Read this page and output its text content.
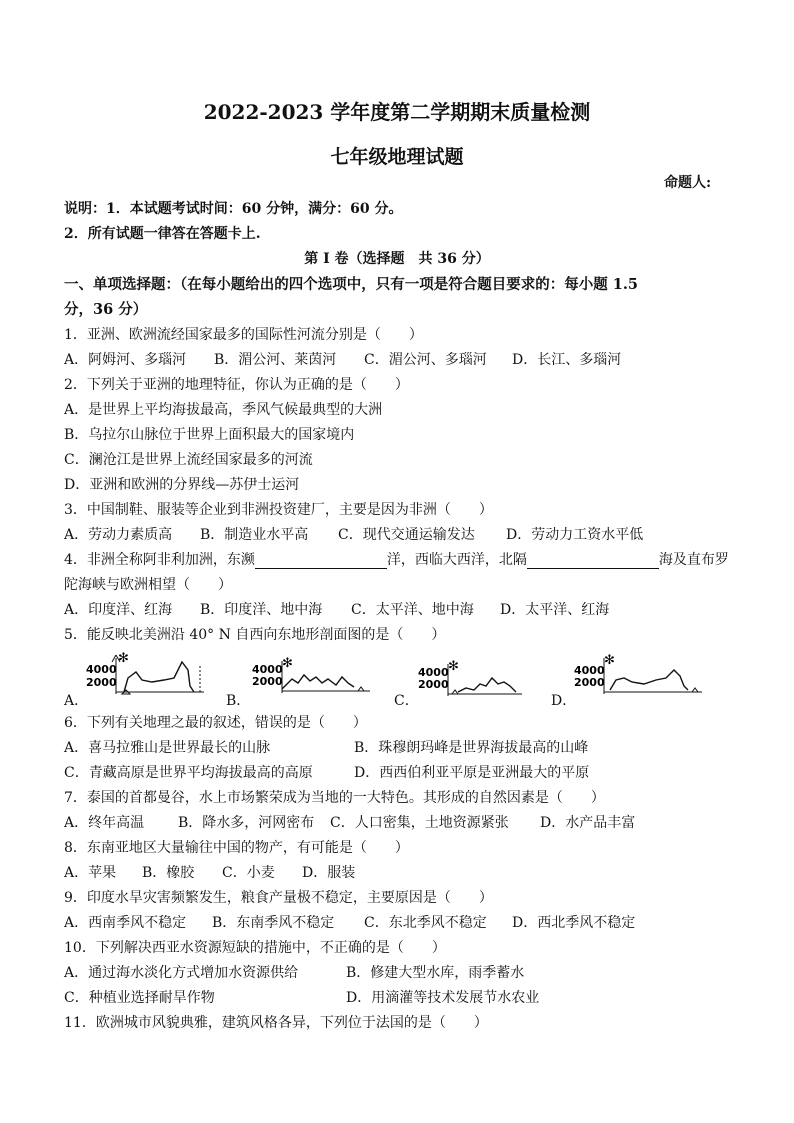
2022-2023 学年度第二学期期末质量检测
七年级地理试题
命题人:
说明：1．本试题考试时间：60 分钟，满分：60 分。
2．所有试题一律答在答题卡上.
第 I 卷（选择题　共 36 分）
一、单项选择题：（在每小题给出的四个选项中，只有一项是符合题目要求的：每小题 1.5
分，36 分）
1．亚洲、欧洲流经国家最多的国际性河流分别是（　　）
A．阿姆河、多瑙河 B．湄公河、莱茵河 C．湄公河、多瑙河 D．长江、多瑙河
2．下列关于亚洲的地理特征，你认为正确的是（　　）
A．是世界上平均海拔最高，季风气候最典型的大洲
B．乌拉尔山脉位于世界上面积最大的国家境内
C．澜沧江是世界上流经国家最多的河流
D．亚洲和欧洲的分界线—苏伊士运河
3．中国制鞋、服装等企业到非洲投资建厂，主要是因为非洲（　　）
A．劳动力素质高 B．制造业水平高 C．现代交通运输发达 D．劳动力工资水平低
4．非洲全称阿非利加洲，东濒	洋，西临大西洋，北隔	海及直布罗
陀海峡与欧洲相望（　　）
A．印度洋、红海 B．印度洋、地中海 C．太平洋、地中海 D．太平洋、红海
5．能反映北美洲沿 40° N 自西向东地形剖面图的是（　　）
A．
4000
2000
✻
B．
4000
2000
✻
C．
4000
2000
✻
D．
4000
2000
✻
6．下列有关地理之最的叙述，错误的是（　　）
A．喜马拉雅山是世界最长的山脉	B．珠穆朗玛峰是世界海拔最高的山峰
C．青藏高原是世界平均海拔最高的高原	D．西西伯利亚平原是亚洲最大的平原
7．泰国的首都曼谷，水上市场繁荣成为当地的一大特色。其形成的自然因素是（　　）
A．终年高温 B．降水多，河网密布 C．人口密集，土地资源紧张 D．水产品丰富
8．东南亚地区大量输往中国的物产，有可能是（　　）
A．苹果 B．橡胶 C．小麦 D．服装
9．印度水旱灾害频繁发生，粮食产量极不稳定，主要原因是（　　）
A．西南季风不稳定 B．东南季风不稳定 C．东北季风不稳定 D．西北季风不稳定
10．下列解决西亚水资源短缺的措施中，不正确的是（　　）
A．通过海水淡化方式增加水资源供给	B．修建大型水库，雨季蓄水
C．种植业选择耐旱作物	D．用滴灌等技术发展节水农业
11．欧洲城市风貌典雅，建筑风格各异，下列位于法国的是（　　）
